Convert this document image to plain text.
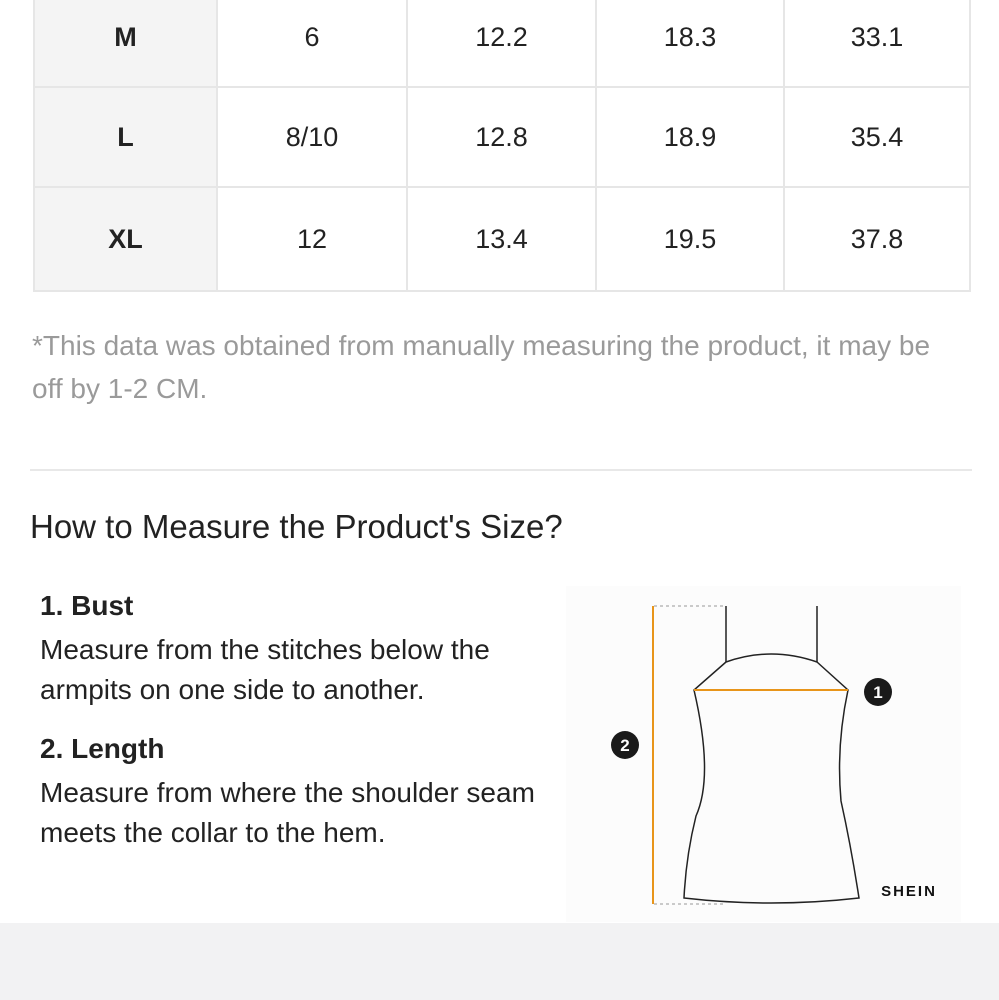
M	6	12.2	18.3	33.1
L	8/10	12.8	18.9	35.4
XL	12	13.4	19.5	37.8
*This data was obtained from manually measuring the product, it may be off by 1-2 CM.
How to Measure the Product's Size?
1. Bust
Measure from the stitches below the armpits on one side to another.
2. Length
Measure from where the shoulder seam meets the collar to the hem.
1
2
SHEIN
